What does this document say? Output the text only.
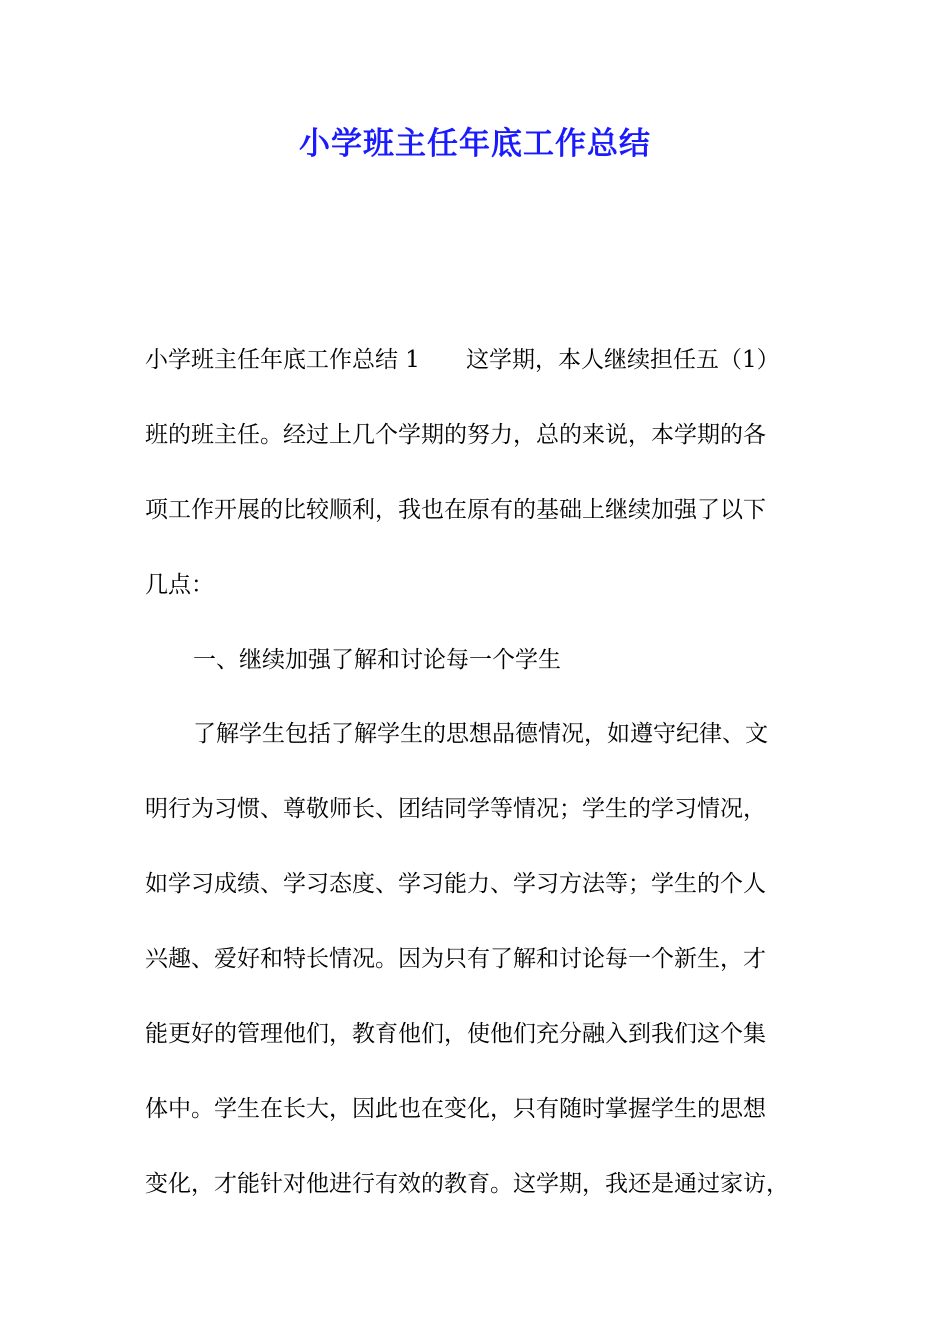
小学班主任年底工作总结
小学班主任年底工作总结 1　　这学期，本人继续担任五（1）
班的班主任。经过上几个学期的努力，总的来说，本学期的各
项工作开展的比较顺利，我也在原有的基础上继续加强了以下
几点：
一、继续加强了解和讨论每一个学生
了解学生包括了解学生的思想品德情况，如遵守纪律、文
明行为习惯、尊敬师长、团结同学等情况；学生的学习情况，
如学习成绩、学习态度、学习能力、学习方法等；学生的个人
兴趣、爱好和特长情况。因为只有了解和讨论每一个新生，才
能更好的管理他们，教育他们，使他们充分融入到我们这个集
体中。学生在长大，因此也在变化，只有随时掌握学生的思想
变化，才能针对他进行有效的教育。这学期，我还是通过家访，
